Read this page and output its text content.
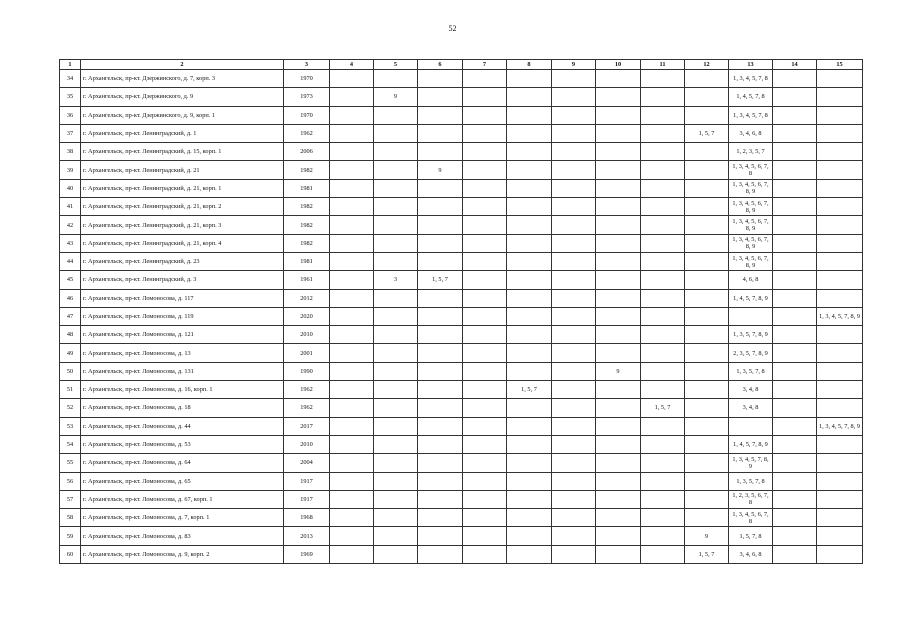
52
1	2	3	4	5	6	7	8	9	10	11	12	13	14	15
34	г. Архангельск, пр-кт. Дзержинского, д. 7, корп. 3	1970										1, 3, 4, 5, 7, 8		
35	г. Архангельск, пр-кт. Дзержинского, д. 9	1973		9								1, 4, 5, 7, 8		
36	г. Архангельск, пр-кт. Дзержинского, д. 9, корп. 1	1970										1, 3, 4, 5, 7, 8		
37	г. Архангельск, пр-кт. Ленинградский, д. 1	1962									1, 5, 7	3, 4, 6, 8		
38	г. Архангельск, пр-кт. Ленинградский, д. 15, корп. 1	2006										1, 2, 3, 5, 7		
39	г. Архангельск, пр-кт. Ленинградский, д. 21	1982			9							1, 3, 4, 5, 6, 7, 8		
40	г. Архангельск, пр-кт. Ленинградский, д. 21, корп. 1	1981										1, 3, 4, 5, 6, 7, 8, 9		
41	г. Архангельск, пр-кт. Ленинградский, д. 21, корп. 2	1982										1, 3, 4, 5, 6, 7, 8, 9		
42	г. Архангельск, пр-кт. Ленинградский, д. 21, корп. 3	1982										1, 3, 4, 5, 6, 7, 8, 9		
43	г. Архангельск, пр-кт. Ленинградский, д. 21, корп. 4	1982										1, 3, 4, 5, 6, 7, 8, 9		
44	г. Архангельск, пр-кт. Ленинградский, д. 23	1981										1, 3, 4, 5, 6, 7, 8, 9		
45	г. Архангельск, пр-кт. Ленинградский, д. 3	1961		3	1, 5, 7							4, 6, 8		
46	г. Архангельск, пр-кт. Ломоносова, д. 117	2012										1, 4, 5, 7, 8, 9		
47	г. Архангельск, пр-кт. Ломоносова, д. 119	2020												1, 3, 4, 5, 7, 8, 9
48	г. Архангельск, пр-кт. Ломоносова, д. 121	2010										1, 3, 5, 7, 8, 9		
49	г. Архангельск, пр-кт. Ломоносова, д. 13	2001										2, 3, 5, 7, 8, 9		
50	г. Архангельск, пр-кт. Ломоносова, д. 131	1990							9			1, 3, 5, 7, 8		
51	г. Архангельск, пр-кт. Ломоносова, д. 16, корп. 1	1962					1, 5, 7					3, 4, 8		
52	г. Архангельск, пр-кт. Ломоносова, д. 18	1962								1, 5, 7		3, 4, 8		
53	г. Архангельск, пр-кт. Ломоносова, д. 44	2017												1, 3, 4, 5, 7, 8, 9
54	г. Архангельск, пр-кт. Ломоносова, д. 53	2010										1, 4, 5, 7, 8, 9		
55	г. Архангельск, пр-кт. Ломоносова, д. 64	2004										1, 3, 4, 5, 7, 8, 9		
56	г. Архангельск, пр-кт. Ломоносова, д. 65	1917										1, 3, 5, 7, 8		
57	г. Архангельск, пр-кт. Ломоносова, д. 67, корп. 1	1917										1, 2, 3, 5, 6, 7, 8		
58	г. Архангельск, пр-кт. Ломоносова, д. 7, корп. 1	1968										1, 3, 4, 5, 6, 7, 8		
59	г. Архангельск, пр-кт. Ломоносова, д. 83	2013									9	1, 5, 7, 8		
60	г. Архангельск, пр-кт. Ломоносова, д. 9, корп. 2	1969									1, 5, 7	3, 4, 6, 8		
